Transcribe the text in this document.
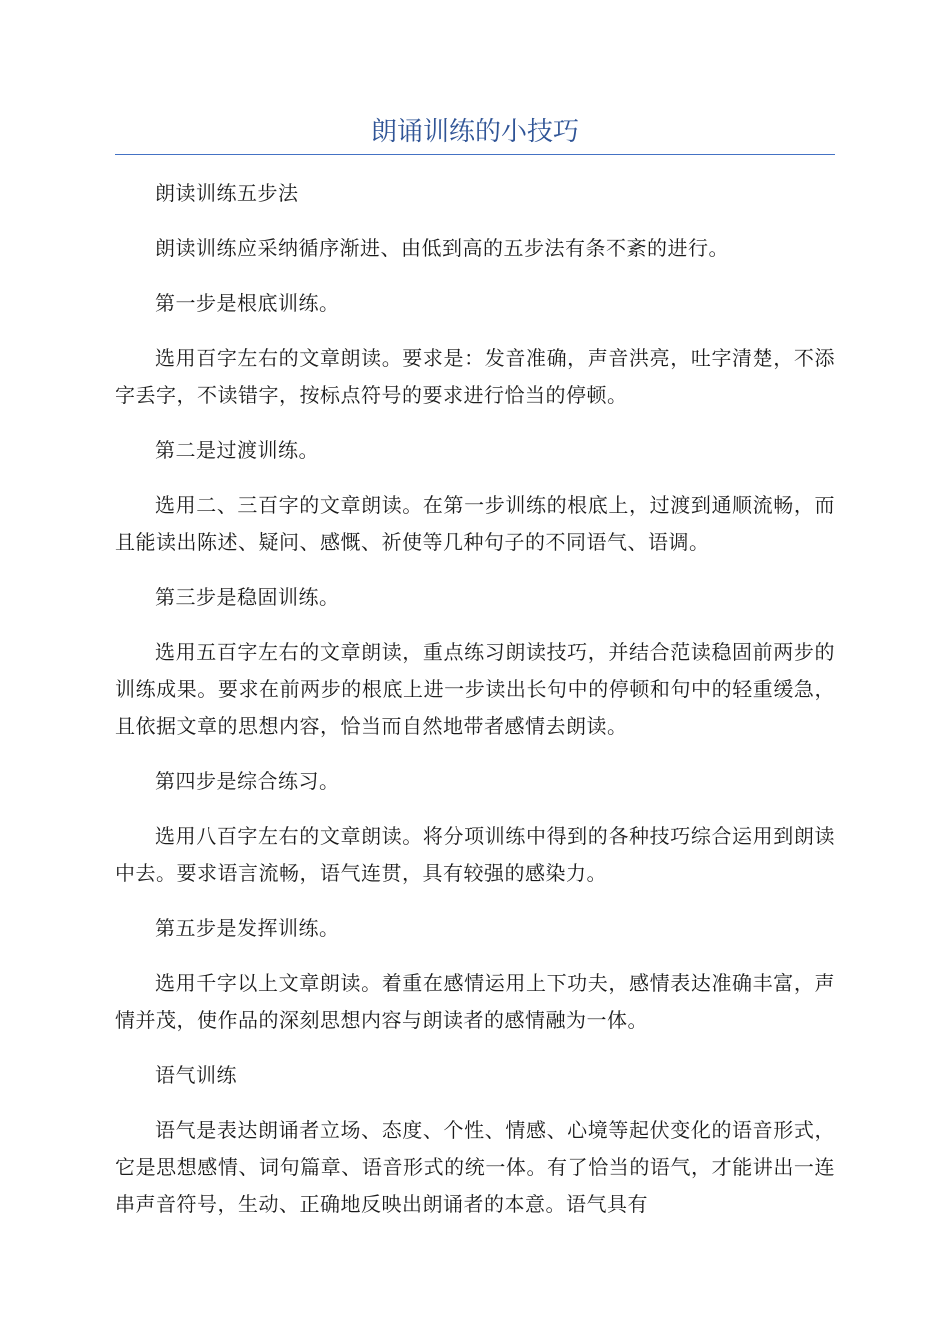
朗诵训练的小技巧

朗读训练五步法

朗读训练应采纳循序渐进、由低到高的五步法有条不紊的进行。

第一步是根底训练。

选用百字左右的文章朗读。要求是：发音准确，声音洪亮，吐字清楚，不添字丢字，不读错字，按标点符号的要求进行恰当的停顿。

第二是过渡训练。

选用二、三百字的文章朗读。在第一步训练的根底上，过渡到通顺流畅，而且能读出陈述、疑问、感慨、祈使等几种句子的不同语气、语调。

第三步是稳固训练。

选用五百字左右的文章朗读，重点练习朗读技巧，并结合范读稳固前两步的训练成果。要求在前两步的根底上进一步读出长句中的停顿和句中的轻重缓急，且依据文章的思想内容，恰当而自然地带者感情去朗读。

第四步是综合练习。

选用八百字左右的文章朗读。将分项训练中得到的各种技巧综合运用到朗读中去。要求语言流畅，语气连贯，具有较强的感染力。

第五步是发挥训练。

选用千字以上文章朗读。着重在感情运用上下功夫，感情表达准确丰富，声情并茂，使作品的深刻思想内容与朗读者的感情融为一体。

语气训练

语气是表达朗诵者立场、态度、个性、情感、心境等起伏变化的语音形式，它是思想感情、词句篇章、语音形式的统一体。有了恰当的语气，才能讲出一连串声音符号，生动、正确地反映出朗诵者的本意。语气具有
